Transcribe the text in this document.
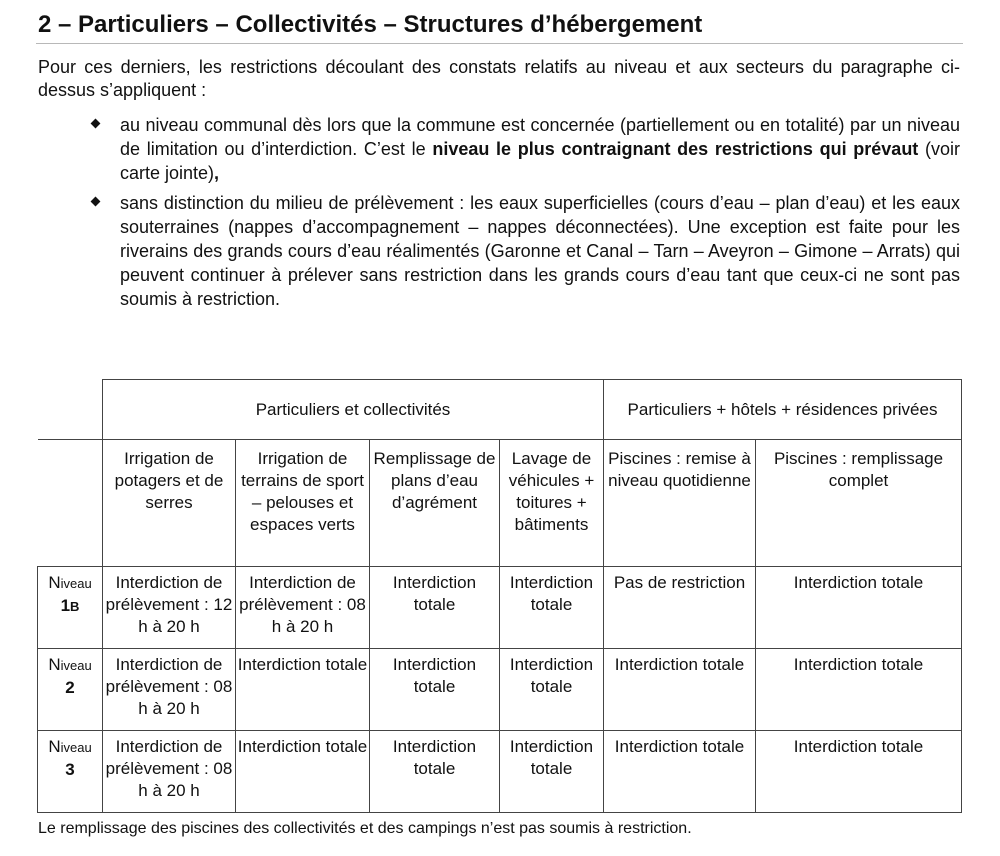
2 – Particuliers – Collectivités – Structures d’hébergement

Pour ces derniers, les restrictions découlant des constats relatifs au niveau et aux secteurs du paragraphe ci-dessus s’appliquent :

au niveau communal dès lors que la commune est concernée (partiellement ou en totalité) par un niveau de limitation ou d’interdiction. C’est le niveau le plus contraignant des restrictions qui prévaut (voir carte jointe),
sans distinction du milieu de prélèvement : les eaux superficielles (cours d’eau – plan d’eau) et les eaux souterraines (nappes d’accompagnement – nappes déconnectées). Une exception est faite pour les riverains des grands cours d’eau réalimentés (Garonne et Canal – Tarn – Aveyron – Gimone – Arrats) qui peuvent continuer à prélever sans restriction dans les grands cours d’eau tant que ceux-ci ne sont pas soumis à restriction.
	Particuliers et collectivités				Particuliers + hôtels + résidences privées	
	Irrigation de potagers et de serres	Irrigation de terrains de sport – pelouses et espaces verts	Remplissage de plans d’eau d’agrément	Lavage de véhicules + toitures + bâtiments	Piscines : remise à niveau quotidienne	Piscines : remplissage complet

Niveau
1B	Interdiction de prélèvement : 12 h à 20 h	Interdiction de prélèvement : 08 h à 20 h	Interdiction totale	Interdiction totale	Pas de restriction	Interdiction totale

Niveau
2	Interdiction de prélèvement : 08 h à 20 h	Interdiction totale	Interdiction totale	Interdiction totale	Interdiction totale	Interdiction totale

Niveau
3	Interdiction de prélèvement : 08 h à 20 h	Interdiction totale	Interdiction totale	Interdiction totale	Interdiction totale	Interdiction totale

Le remplissage des piscines des collectivités et des campings n’est pas soumis à restriction.
